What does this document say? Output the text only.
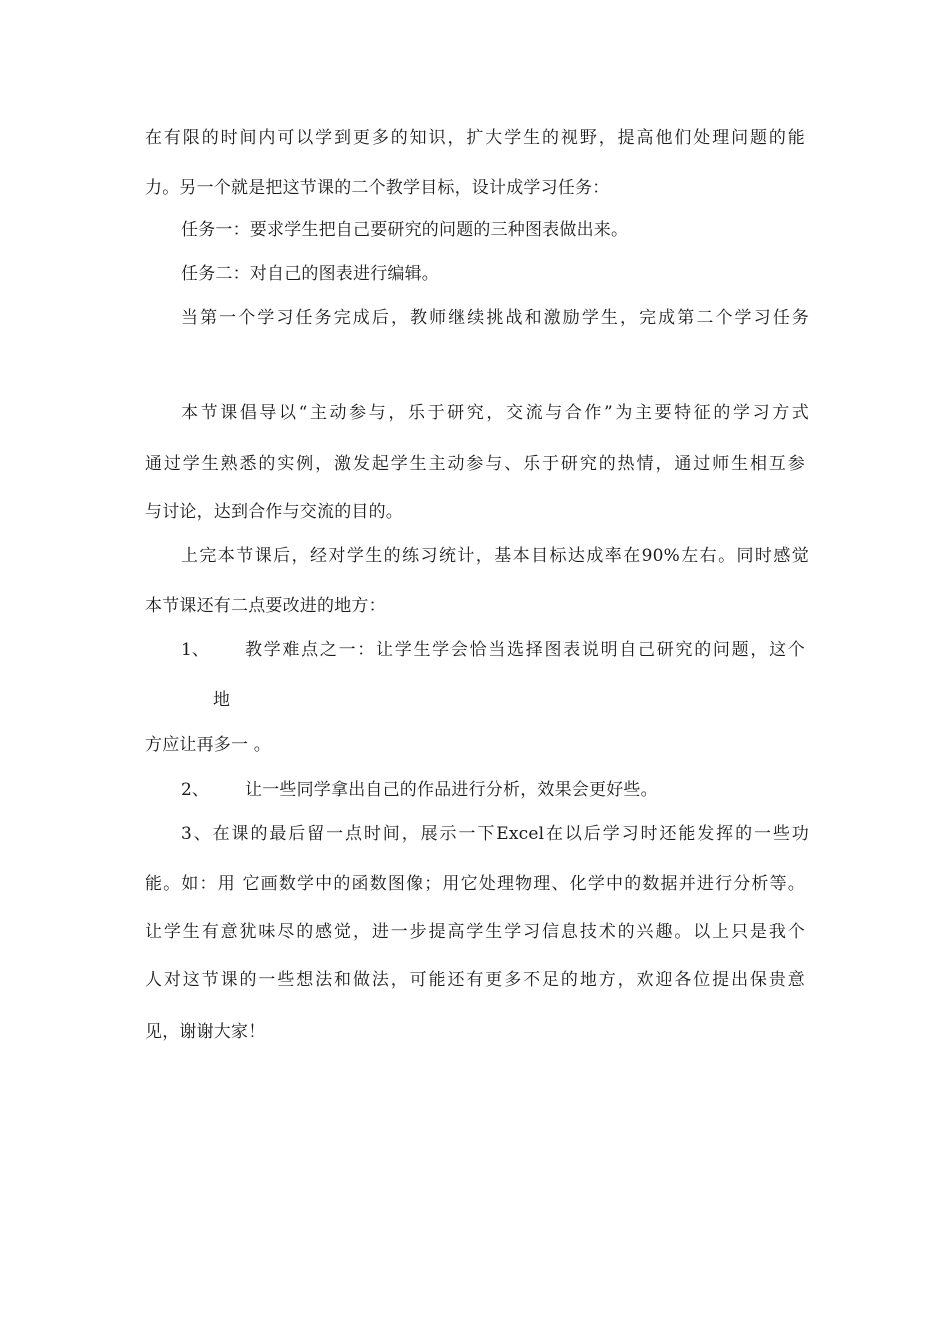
在有限的时间内可以学到更多的知识，扩大学生的视野，提高他们处理问题的能
力。另一个就是把这节课的二个教学目标，设计成学习任务：
任务一：要求学生把自己要研究的问题的三种图表做出来。
任务二：对自己的图表进行编辑。
当第一个学习任务完成后，教师继续挑战和激励学生，完成第二个学习任务
本节课倡导以“主动参与，乐于研究，交流与合作”为主要特征的学习方式
通过学生熟悉的实例，激发起学生主动参与、乐于研究的热情，通过师生相互参
与讨论，达到合作与交流的目的。
上完本节课后，经对学生的练习统计，基本目标达成率在90%左右。同时感觉
本节课还有二点要改进的地方：
1、 教学难点之一：让学生学会恰当选择图表说明自己研究的问题，这个
地
方应让再多一 。
2、 让一些同学拿出自己的作品进行分析，效果会更好些。
3、在课的最后留一点时间，展示一下Excel在以后学习时还能发挥的一些功
能。如：用 它画数学中的函数图像；用它处理物理、化学中的数据并进行分析等。
让学生有意犹味尽的感觉，进一步提高学生学习信息技术的兴趣。以上只是我个
人对这节课的一些想法和做法，可能还有更多不足的地方，欢迎各位提出保贵意
见，谢谢大家！
